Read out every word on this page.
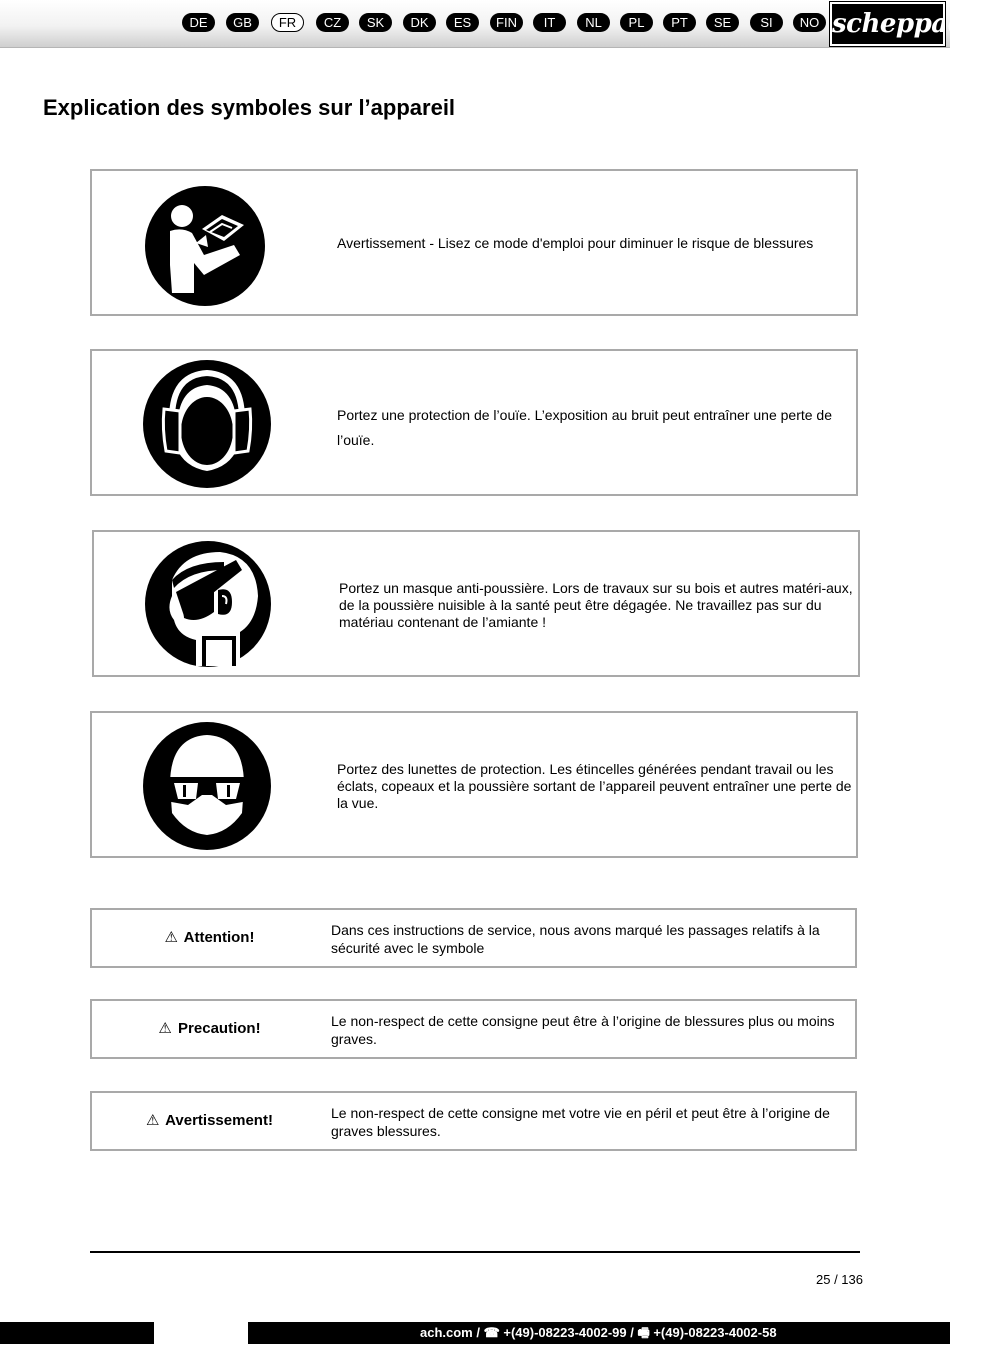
DE	GB	FR	CZ	SK	DK	ES	FIN	IT	NL	PL	PT	SE	SI	NO scheppach
Explication des symboles sur l’appareil
Avertissement - Lisez ce mode d'emploi pour diminuer le risque de blessures
Portez une protection de l’ouïe. L’exposition au bruit peut entraîner une perte de
l’ouïe.
Portez un masque anti-poussière. Lors de travaux sur su bois et autres matéri-aux, de la poussière nuisible à la santé peut être dégagée. Ne travaillez pas sur du matériau contenant de l’amiante !
Portez des lunettes de protection. Les étincelles générées pendant travail ou les éclats, copeaux et la poussière sortant de l’appareil peuvent entraîner une perte de la vue.
⚠ Attention!	Dans ces instructions de service, nous avons marqué les passages relatifs à la sécurité avec le symbole
⚠ Precaution!	Le non-respect de cette consigne peut être à l’origine de blessures plus ou moins graves.
⚠ Avertissement!	Le non-respect de cette consigne met votre vie en péril et peut être à l’origine de graves blessures.
25 / 136
ach.com / ☎ +(49)-08223-4002-99 / 🖷 +(49)-08223-4002-58
